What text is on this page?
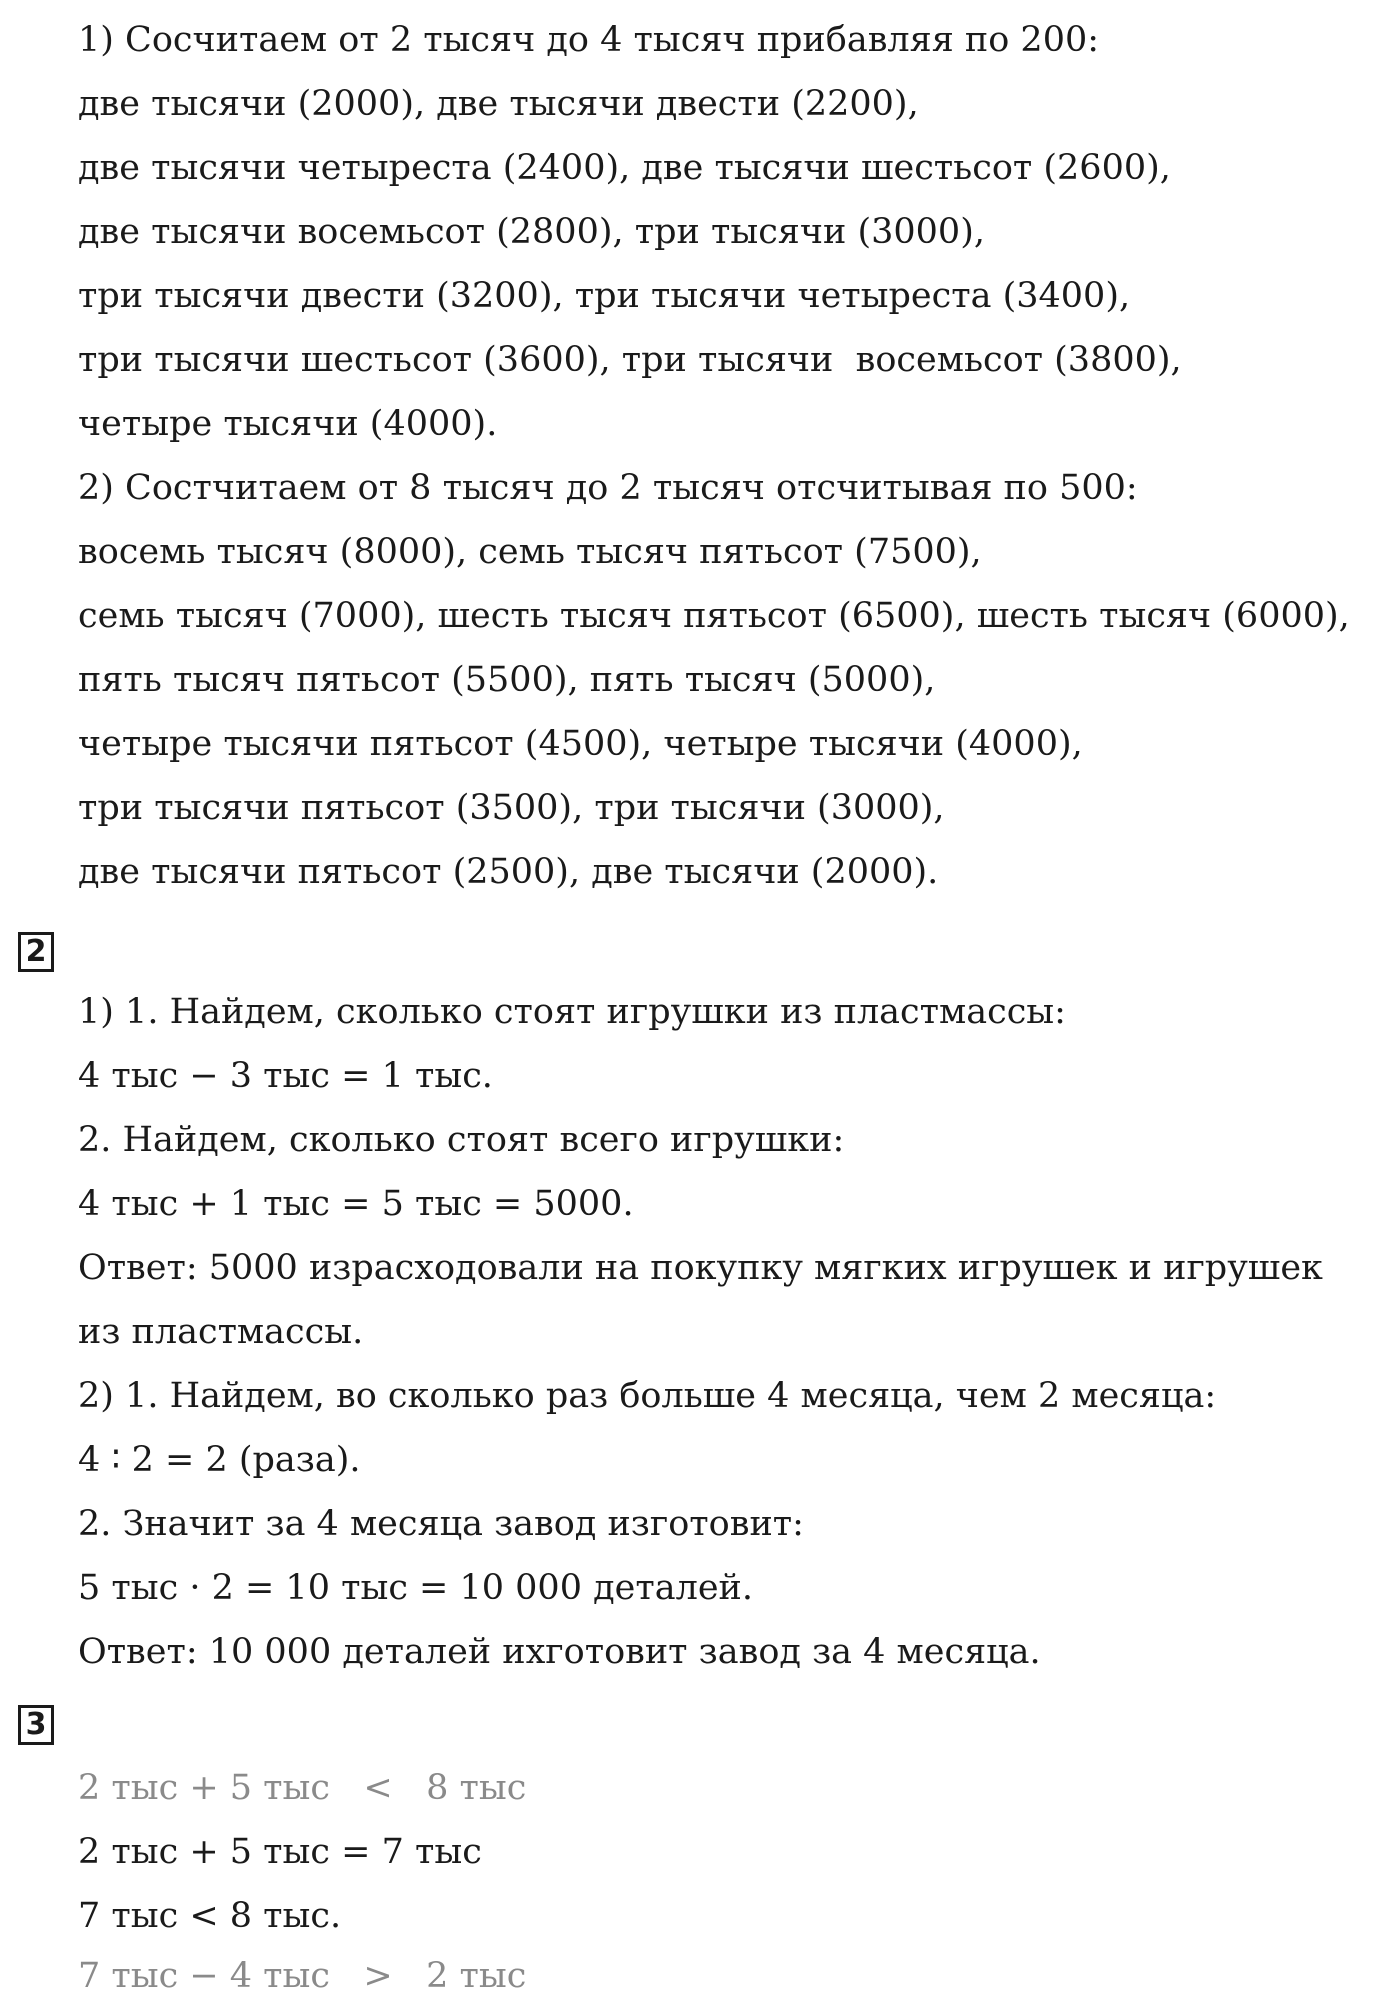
1) Сосчитаем от 2 тысяч до 4 тысяч прибавляя по 200:
две тысячи (2000), две тысячи двести (2200),
две тысячи четыреста (2400), две тысячи шестьсот (2600),
две тысячи восемьсот (2800), три тысячи (3000),
три тысячи двести (3200), три тысячи четыреста (3400),
три тысячи шестьсот (3600), три тысячи  восемьсот (3800),
четыре тысячи (4000).
2) Состчитаем от 8 тысяч до 2 тысяч отсчитывая по 500:
восемь тысяч (8000), семь тысяч пятьсот (7500),
семь тысяч (7000), шесть тысяч пятьсот (6500), шесть тысяч (6000),
пять тысяч пятьсот (5500), пять тысяч (5000),
четыре тысячи пятьсот (4500), четыре тысячи (4000),
три тысячи пятьсот (3500), три тысячи (3000),
две тысячи пятьсот (2500), две тысячи (2000).
2
1) 1. Найдем, сколько стоят игрушки из пластмассы:
4 тыс − 3 тыс = 1 тыс.
2. Найдем, сколько стоят всего игрушки:
4 тыс + 1 тыс = 5 тыс = 5000.
Ответ: 5000 израсходовали на покупку мягких игрушек и игрушек
из пластмассы.
2) 1. Найдем, во сколько раз больше 4 месяца, чем 2 месяца:
4 ∶ 2 = 2 (раза).
2. Значит за 4 месяца завод изготовит:
5 тыс · 2 = 10 тыс = 10 000 деталей.
Ответ: 10 000 деталей ихготовит завод за 4 месяца.
3
2 тыс + 5 тыс   <   8 тыс
2 тыс + 5 тыс = 7 тыс
7 тыс < 8 тыс.
7 тыс − 4 тыс   >   2 тыс
